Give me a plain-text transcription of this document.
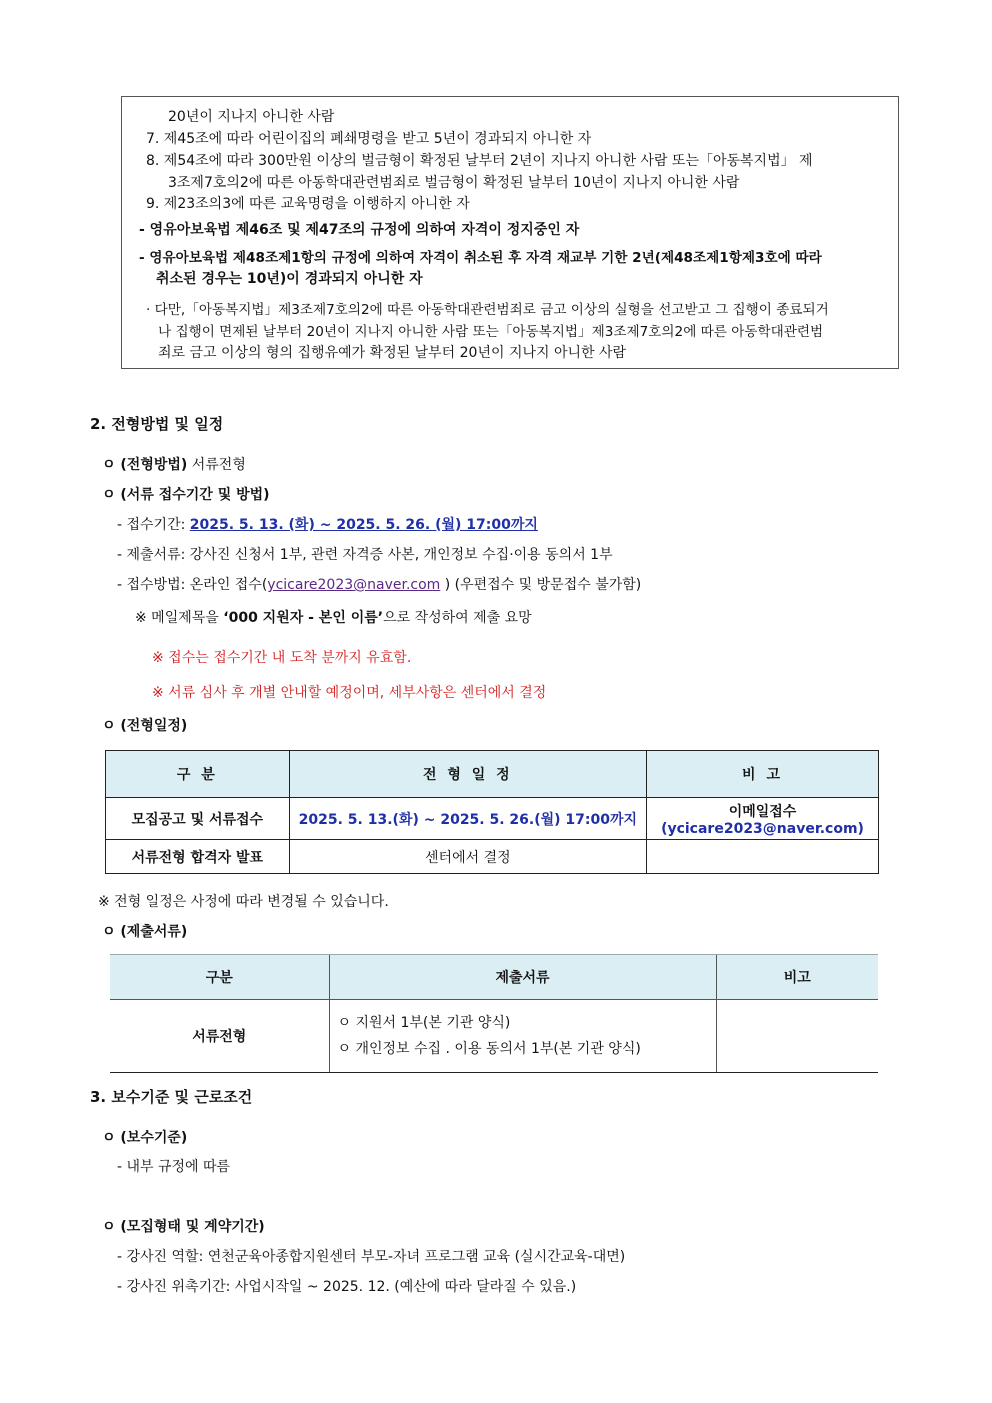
20년이 지나지 아니한 사람
7. 제45조에 따라 어린이집의 폐쇄명령을 받고 5년이 경과되지 아니한 자
8. 제54조에 따라 300만원 이상의 벌금형이 확정된 날부터 2년이 지나지 아니한 사람 또는「아동복지법」 제
3조제7호의2에 따른 아동학대관련범죄로 벌금형이 확정된 날부터 10년이 지나지 아니한 사람
9. 제23조의3에 따른 교육명령을 이행하지 아니한 자
- 영유아보육법 제46조 및 제47조의 규정에 의하여 자격이 정지중인 자
- 영유아보육법 제48조제1항의 규정에 의하여 자격이 취소된 후 자격 재교부 기한 2년(제48조제1항제3호에 따라
취소된 경우는 10년)이 경과되지 아니한 자
· 다만,「아동복지법」제3조제7호의2에 따른 아동학대관련범죄로 금고 이상의 실형을 선고받고 그 집행이 종료되거
나 집행이 면제된 날부터 20년이 지나지 아니한 사람 또는「아동복지법」제3조제7호의2에 따른 아동학대관련범
죄로 금고 이상의 형의 집행유예가 확정된 날부터 20년이 지나지 아니한 사람
2. 전형방법 및 일정
ㅇ (전형방법) 서류전형
ㅇ (서류 접수기간 및 방법)
- 접수기간: 2025. 5. 13. (화) ~ 2025. 5. 26. (월) 17:00까지
- 제출서류: 강사진 신청서 1부, 관련 자격증 사본, 개인정보 수집·이용 동의서 1부
- 접수방법: 온라인 접수(ycicare2023@naver.com ) (우편접수 및 방문접수 불가함)
※ 메일제목을 ‘000 지원자 - 본인 이름’으로 작성하여 제출 요망
※ 접수는 접수기간 내 도착 분까지 유효함.
※ 서류 심사 후 개별 안내할 예정이며, 세부사항은 센터에서 결정
ㅇ (전형일정)
구 분	전 형 일 정	비 고
모집공고 및 서류접수	2025. 5. 13.(화) ~ 2025. 5. 26.(월) 17:00까지	이메일접수
(ycicare2023@naver.com)

서류전형 합격자 발표	센터에서 결정	
※ 전형 일정은 사정에 따라 변경될 수 있습니다.
ㅇ (제출서류)
구분	제출서류	비고
서류전형	ㅇ 지원서 1부(본 기관 양식)
ㅇ 개인정보 수집 . 이용 동의서 1부(본 기관 양식)	

3. 보수기준 및 근로조건
ㅇ (보수기준)
- 내부 규정에 따름
ㅇ (모집형태 및 계약기간)
- 강사진 역할: 연천군육아종합지원센터 부모-자녀 프로그램 교육 (실시간교육-대면)
- 강사진 위촉기간: 사업시작일 ~ 2025. 12. (예산에 따라 달라질 수 있음.)
